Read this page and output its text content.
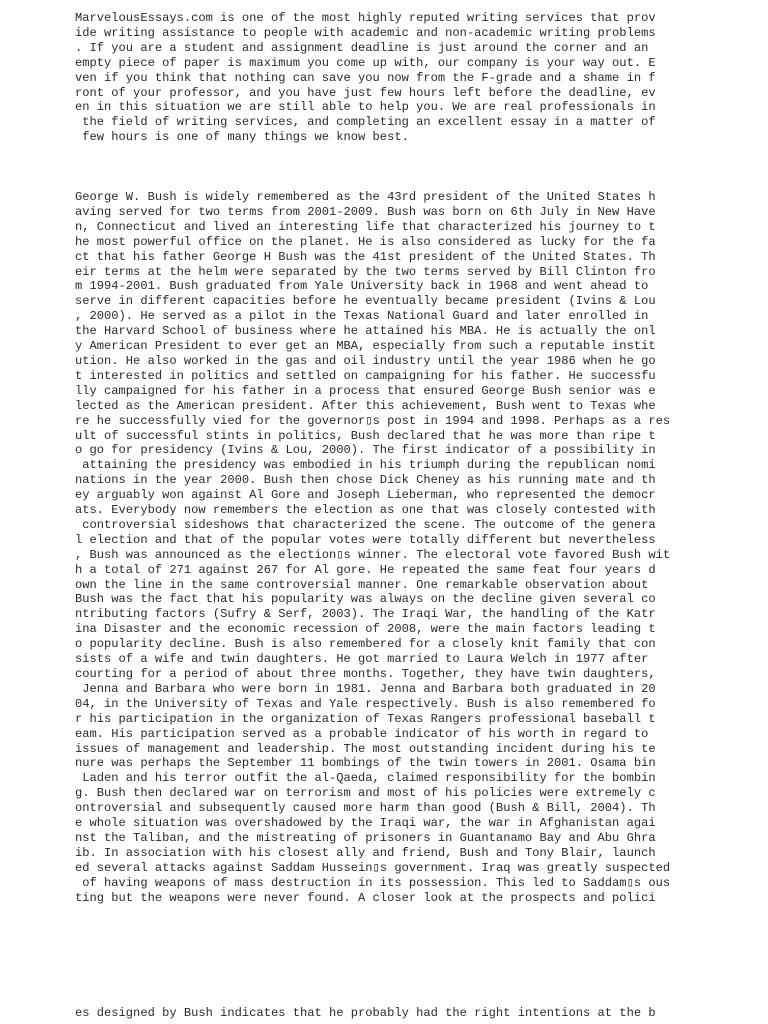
MarvelousEssays.com is one of the most highly reputed writing services that prov
ide writing assistance to people with academic and non-academic writing problems
. If you are a student and assignment deadline is just around the corner and an
empty piece of paper is maximum you come up with, our company is your way out. E
ven if you think that nothing can save you now from the F-grade and a shame in f
ront of your professor, and you have just few hours left before the deadline, ev
en in this situation we are still able to help you. We are real professionals in
the field of writing services, and completing an excellent essay in a matter of
few hours is one of many things we know best.
George W. Bush is widely remembered as the 43rd president of the United States h
aving served for two terms from 2001-2009. Bush was born on 6th July in New Have
n, Connecticut and lived an interesting life that characterized his journey to t
he most powerful office on the planet. He is also considered as lucky for the fa
ct that his father George H Bush was the 41st president of the United States. Th
eir terms at the helm were separated by the two terms served by Bill Clinton fro
m 1994-2001. Bush graduated from Yale University back in 1968 and went ahead to
serve in different capacities before he eventually became president (Ivins & Lou
, 2000). He served as a pilot in the Texas National Guard and later enrolled in
the Harvard School of business where he attained his MBA. He is actually the onl
y American President to ever get an MBA, especially from such a reputable instit
ution. He also worked in the gas and oil industry until the year 1986 when he go
t interested in politics and settled on campaigning for his father. He successfu
lly campaigned for his father in a process that ensured George Bush senior was e
lected as the American president. After this achievement, Bush went to Texas whe
re he successfully vied for the governor▯s post in 1994 and 1998. Perhaps as a res
ult of successful stints in politics, Bush declared that he was more than ripe t
o go for presidency (Ivins & Lou, 2000). The first indicator of a possibility in
attaining the presidency was embodied in his triumph during the republican nomi
nations in the year 2000. Bush then chose Dick Cheney as his running mate and th
ey arguably won against Al Gore and Joseph Lieberman, who represented the democr
ats. Everybody now remembers the election as one that was closely contested with
controversial sideshows that characterized the scene. The outcome of the genera
l election and that of the popular votes were totally different but nevertheless
, Bush was announced as the election▯s winner. The electoral vote favored Bush wit
h a total of 271 against 267 for Al gore. He repeated the same feat four years d
own the line in the same controversial manner. One remarkable observation about
Bush was the fact that his popularity was always on the decline given several co
ntributing factors (Sufry & Serf, 2003). The Iraqi War, the handling of the Katr
ina Disaster and the economic recession of 2008, were the main factors leading t
o popularity decline. Bush is also remembered for a closely knit family that con
sists of a wife and twin daughters. He got married to Laura Welch in 1977 after
courting for a period of about three months. Together, they have twin daughters,
Jenna and Barbara who were born in 1981. Jenna and Barbara both graduated in 20
04, in the University of Texas and Yale respectively. Bush is also remembered fo
r his participation in the organization of Texas Rangers professional baseball t
eam. His participation served as a probable indicator of his worth in regard to
issues of management and leadership. The most outstanding incident during his te
nure was perhaps the September 11 bombings of the twin towers in 2001. Osama bin
Laden and his terror outfit the al-Qaeda, claimed responsibility for the bombin
g. Bush then declared war on terrorism and most of his policies were extremely c
ontroversial and subsequently caused more harm than good (Bush & Bill, 2004). Th
e whole situation was overshadowed by the Iraqi war, the war in Afghanistan agai
nst the Taliban, and the mistreating of prisoners in Guantanamo Bay and Abu Ghra
ib. In association with his closest ally and friend, Bush and Tony Blair, launch
ed several attacks against Saddam Hussein▯s government. Iraq was greatly suspected
of having weapons of mass destruction in its possession. This led to Saddam▯s ous
ting but the weapons were never found. A closer look at the prospects and polici
es designed by Bush indicates that he probably had the right intentions at the b
